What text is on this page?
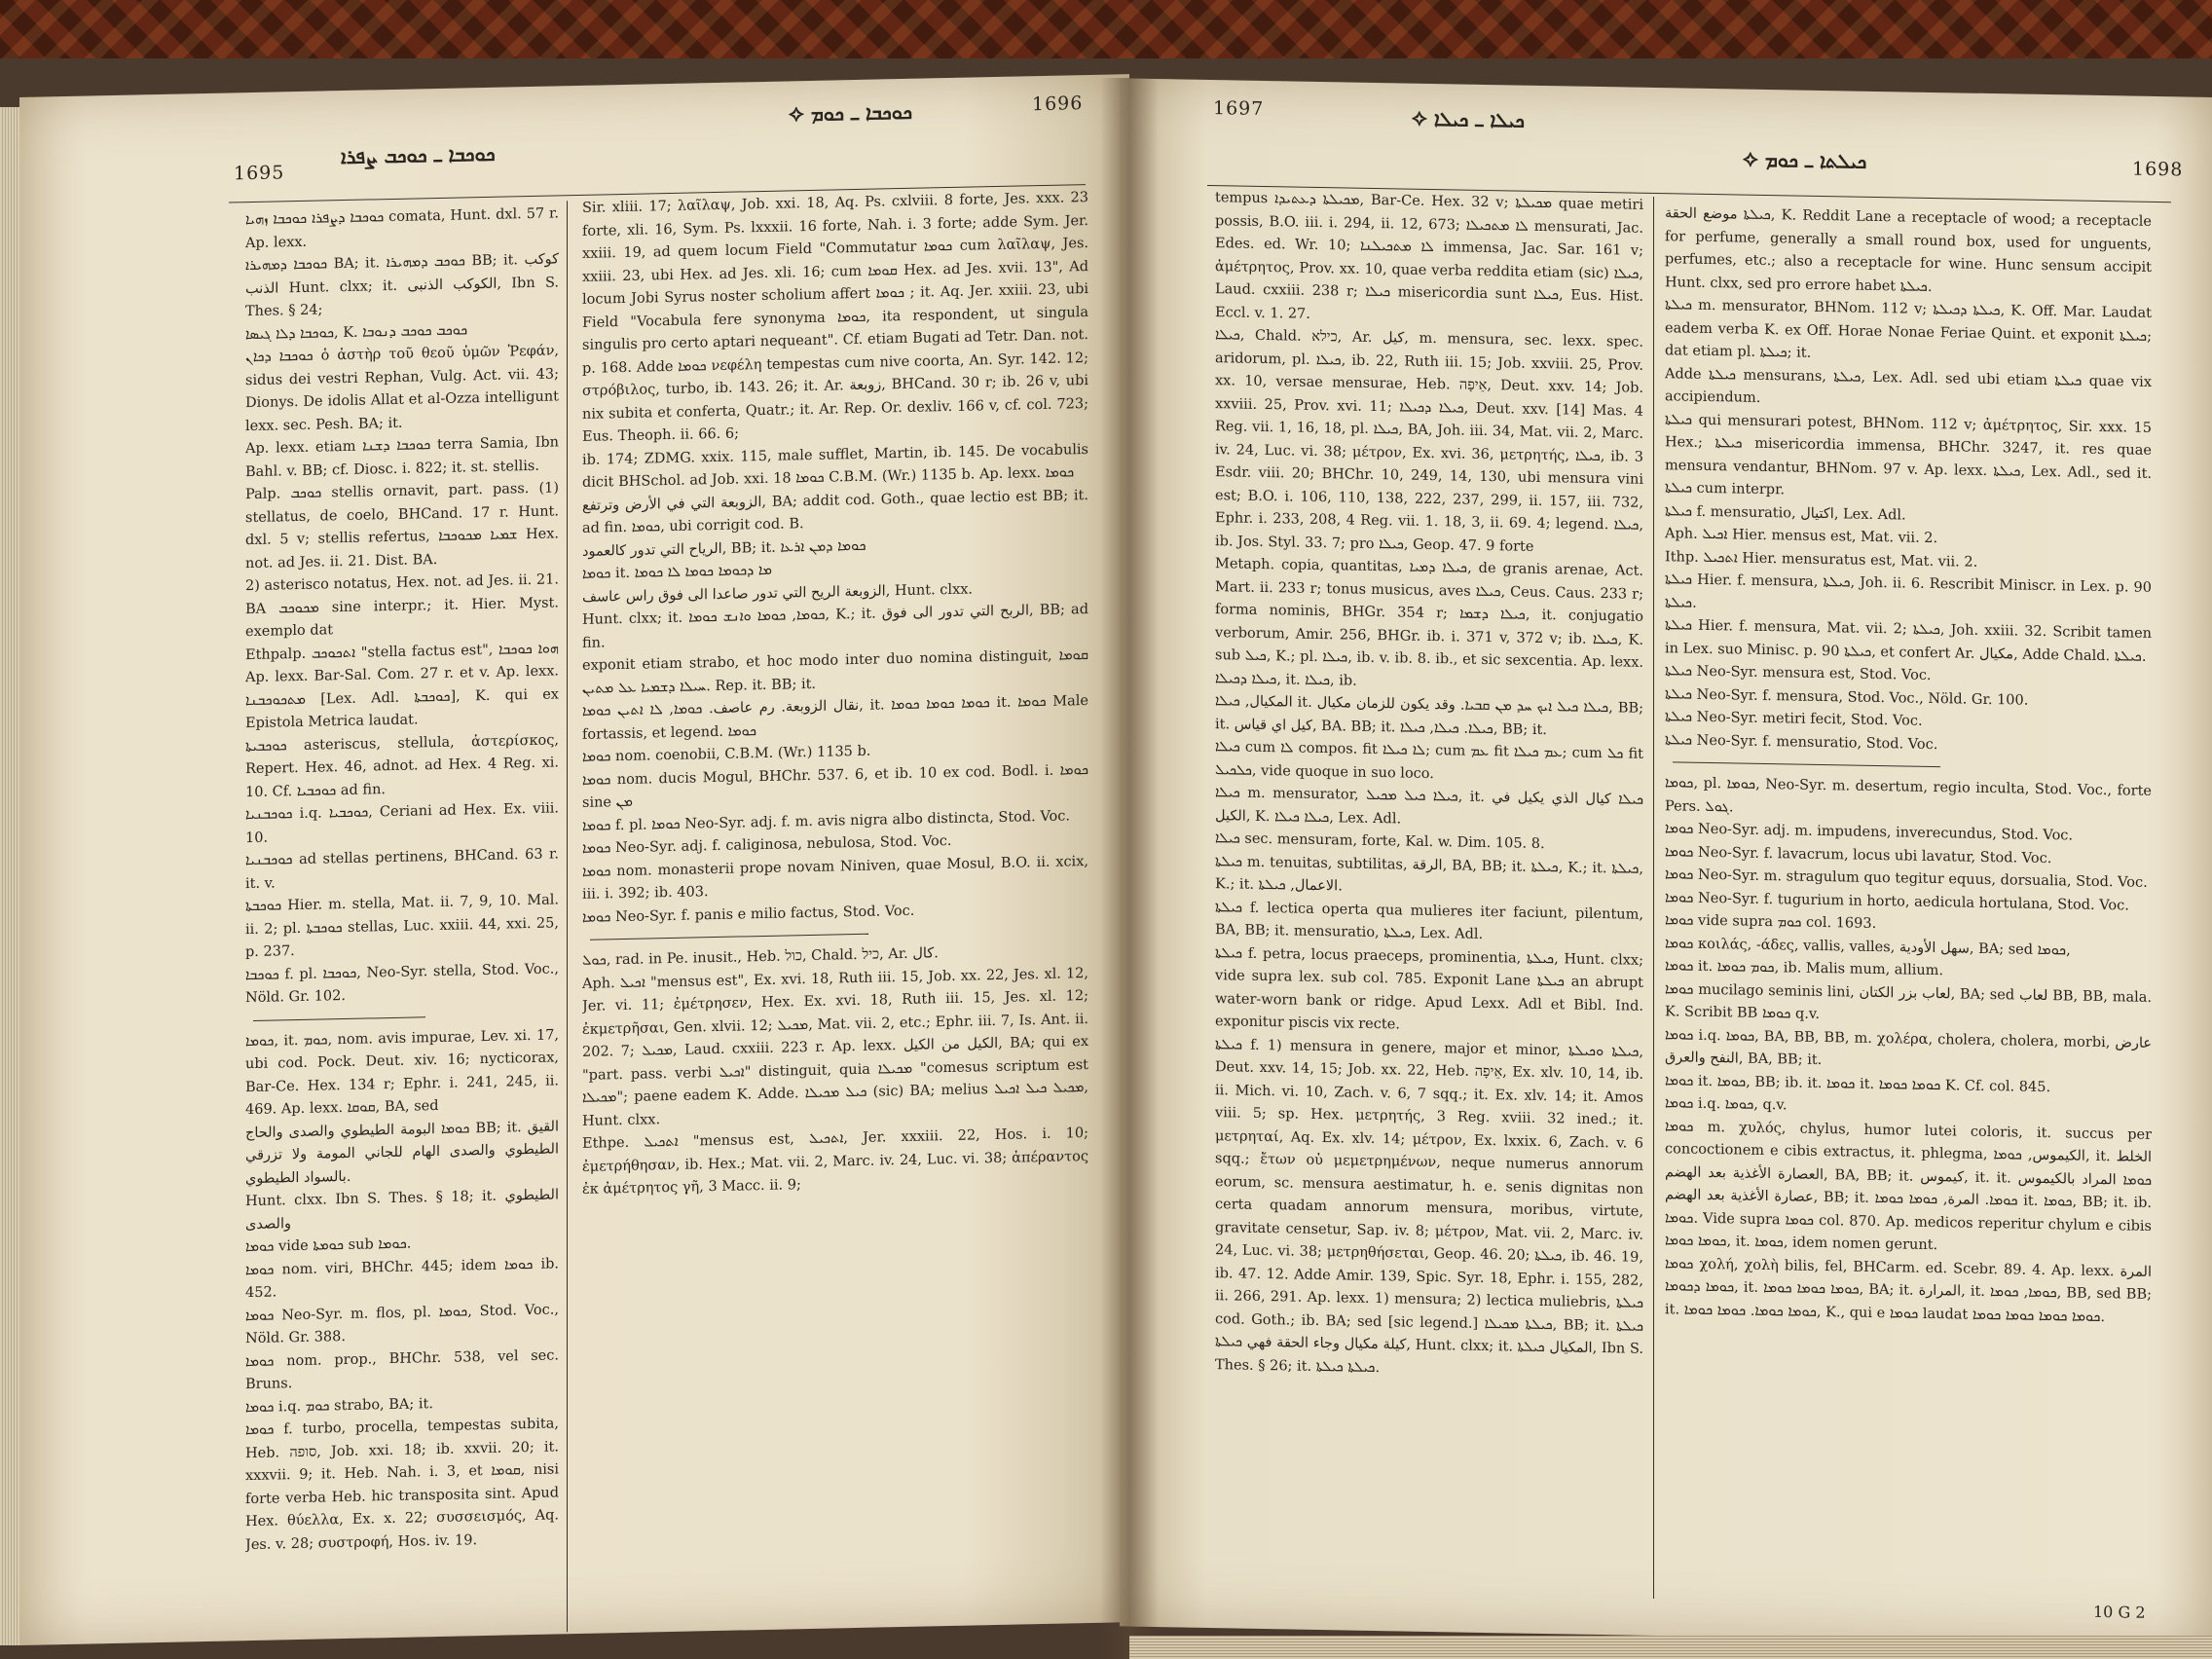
1695
ܟܘܟܒܐ ـ ܟܘܟܒ ܨܦܪܐ
ܟܘܟܒܐ ـ ܟܘܡ ✧	1696

ܟܘܟܒܐ ܕܨܦܪܐ ܟܘܟܒܐ ܙܗܝܐ comata, Hunt. dxl. 57 r. Ap. lexx.

ܟܘܟܒܐ ܕܡܗܝܪܐ BA; it. ܟܘܟܒ ܕܡܗܝܪܐ BB; it. كوكب الذنب Hunt. clxx; it. الكوكب الذنبى, Ibn S. Thes. § 24;

ܟܘܟܒܐ ܕܠܐ ܓܝܣܐ, K. ܟܘܟܒ ܟܘܟܒ ܕܢܘܒܐ

ܟܘܟܒܐ ܕܟܐܢ ὁ ἀστὴρ τοῦ θεοῦ ὑμῶν Ῥεφάν, sidus dei vestri Rephan, Vulg. Act. vii. 43; Dionys. De idolis Allat et al-Ozza intelligunt lexx. sec. Pesh. BA; it.

Ap. lexx. etiam ܟܘܟܒܐ ܕܫܢܐ terra Samia, Ibn Bahl. v. BB; cf. Diosc. i. 822; it. st. stellis.

Palp. ܟܘܟܒ stellis ornavit, part. pass. (1) stellatus, de coelo, BHCand. 17 r. Hunt. dxl. 5 v; stellis refertus, ܫܡܝܐ ܡܟܘܟܒܐ Hex. not. ad Jes. ii. 21. Dist. BA.

2) asterisco notatus, Hex. not. ad Jes. ii. 21. BA ܡܟܘܟܒ sine interpr.; it. Hier. Myst. exemplo dat

Ethpalp. ܐܬܟܘܟܒ "stella factus est", ܗܘܐ ܟܘܟܒܐ Ap. lexx. Bar-Sal. Com. 27 r. et v. Ap. lexx. ܡܬܟܘܟܒܢܐ [Lex. Adl. ܟܘܟܒܬܐ], K. qui ex Epistola Metrica laudat.

ܟܘܟܒܝܬܐ asteriscus, stellula, ἀστερίσκος, Repert. Hex. 46, adnot. ad Hex. 4 Reg. xi. 10. Cf. ܟܘܟܒܝܐ ad fin.

ܟܘܟܒܢܝܐ i.q. ܟܘܟܒܝܐ, Ceriani ad Hex. Ex. viii. 10.

ܟܘܟܒܢܝܐ ad stellas pertinens, BHCand. 63 r. it. v.

ܟܘܟܒܬܐ Hier. m. stella, Mat. ii. 7, 9, 10. Mal. ii. 2; pl. ܟܘܟܒܬܐ stellas, Luc. xxiii. 44, xxi. 25, p. 237.

ܟܘܟܒܐ f. pl. ܟܘܟܒܐ, Neo-Syr. stella, Stod. Voc., Nöld. Gr. 102.

ܟܘܡܐ, it. ܟܘܡ, nom. avis impurae, Lev. xi. 17, ubi cod. Pock. Deut. xiv. 16; nycticorax, Bar-Ce. Hex. 134 r; Ephr. i. 241, 245, ii. 469. Ap. lexx. ܩܘܩܐ, BA, sed

ܟܘܡܐ البومة الطيطوي والصدى والحاج BB; it. القيق الطيطوي والصدى الهام للجاني المومة ولا تزرقي بالسواد الطيطوي.

Hunt. clxx. Ibn S. Thes. § 18; it. الطيطوي والصدى

ܟܘܡܐ vide ܟܘܡܬܐ sub ܟܘܡܐ.

ܟܘܡܐ nom. viri, BHChr. 445; idem ܟܘܡܐ ib. 452.

ܟܘܡܐ Neo-Syr. m. flos, pl. ܟܘܡܐ, Stod. Voc., Nöld. Gr. 388.

ܟܘܡܐ nom. prop., BHChr. 538, vel sec. Bruns.

ܟܘܡܐ i.q. ܟܘܡ strabo, BA; it.

ܟܘܡܐ f. turbo, procella, tempestas subita, Heb. סופה, Job. xxi. 18; ib. xxvii. 20; it. xxxvii. 9; it. Heb. Nah. i. 3, et ܩܘܡܐ, nisi forte verba Heb. hic transposita sint. Apud Hex. θύελλα, Ex. x. 22; συσσεισμός, Aq. Jes. v. 28; συστροφή, Hos. iv. 19.

Sir. xliii. 17; λαῖλαψ, Job. xxi. 18, Aq. Ps. cxlviii. 8 forte, Jes. xxx. 23 forte, xli. 16, Sym. Ps. lxxxii. 16 forte, Nah. i. 3 forte; adde Sym. Jer. xxiii. 19, ad quem locum Field "Commutatur ܟܘܡܐ cum λαῖλαψ, Jes. xxiii. 23, ubi Hex. ad Jes. xli. 16; cum ܩܘܡܐ Hex. ad Jes. xvii. 13", Ad locum Jobi Syrus noster scholium affert ܟܘܡܐ ; it. Aq. Jer. xxiii. 23, ubi Field "Vocabula fere synonyma ܟܘܡܐ, ita respondent, ut singula singulis pro certo aptari nequeant". Cf. etiam Bugati ad Tetr. Dan. not. p. 168. Adde ܟܘܡܐ νεφέλη tempestas cum nive coorta, An. Syr. 142. 12; στρόβιλος, turbo, ib. 143. 26; it. Ar. زوبعة, BHCand. 30 r; ib. 26 v, ubi nix subita et conferta, Quatr.; it. Ar. Rep. Or. dexliv. 166 v, cf. col. 723; Eus. Theoph. ii. 66. 6;

ib. 174; ZDMG. xxix. 115, male sufflet, Martin, ib. 145. De vocabulis dicit BHSchol. ad Job. xxi. 18 ܟܘܡܐ C.B.M. (Wr.) 1135 b. Ap. lexx. ܟܘܡܐ

الزوبعة التي في الأرض وترتفع, BA; addit cod. Goth., quae lectio est BB; it. ad fin. ܟܘܡܐ, ubi corrigit cod. B.

الرياح التي تدور كالعمود, BB; it. ܟܘܡܐ ܕܡܢ ܐܪܥܐ

ܟܘܡܐ it. ܡܐ ܕܟܘܡܐ ܟܘܡܐ ܠܐ ܟܘܡܐ

الزوبعة الريح التي تدور صاعدا الى فوق راس عاسف, Hunt. clxx.

Hunt. clxx; it. ܟܘܡܐ, ܟܘܡܐ ܘܐܢܫ ܟܘܡܐ, K.; it. الربح التي تدور الى فوق, BB; ad fin.

exponit etiam strabo, et hoc modo inter duo nomina distinguit, ܩܘܡܐ ܚܝܠܐ ܕܫܡܝܐ ܥܠ ܡܬܝܢ. Rep. it. BB; it.

نقال الزوبعة. رم عاصف. ܟܘܡܐ, ܠܐ ܐܬܝܢ ܟܘܡܐ, it. ܟܘܡܐ ܟܘܡܐ ܟܘܡܐ it. ܟܘܡܐ Male fortassis, et legend. ܟܘܡܐ

ܟܘܡܐ nom. coenobii, C.B.M. (Wr.) 1135 b.

ܟܘܡܐ nom. ducis Mogul, BHChr. 537. 6, et ib. 10 ex cod. Bodl. i. ܟܘܡܐ sine ܡܢ

ܟܘܡܐ f. pl. ܟܘܡܐ Neo-Syr. adj. f. m. avis nigra albo distincta, Stod. Voc.

ܟܘܡܐ Neo-Syr. adj. f. caliginosa, nebulosa, Stod. Voc.

ܟܘܡܐ nom. monasterii prope novam Niniven, quae Mosul, B.O. ii. xcix, iii. i. 392; ib. 403.

ܟܘܡܐ Neo-Syr. f. panis e milio factus, Stod. Voc.

ܟܘܠ, rad. in Pe. inusit., Heb. כול, Chald. כיל, Ar. كال.

Aph. ܐܟܝܠ "mensus est", Ex. xvi. 18, Ruth iii. 15, Job. xx. 22, Jes. xl. 12, Jer. vi. 11; ἐμέτρησεν, Hex. Ex. xvi. 18, Ruth iii. 15, Jes. xl. 12; ἐκμετρῆσαι, Gen. xlvii. 12; ܡܟܝܠ, Mat. vii. 2, etc.; Ephr. iii. 7, Is. Ant. ii. 202. 7; ܡܟܝܠ, Laud. cxxiii. 223 r. Ap. lexx. الكيل من الكيل, BA; qui ex "part. pass. verbi ܐܟܝܠ" distinguit, quia ܡܟܝܠܐ "comesus scriptum est ܡܟܝܠܐ"; paene eadem K. Adde. ܟܝܠ ܡܟܝܠܐ (sic) BA; melius ܡܟܝܠ ܟܝܠ ܐܟܝܠ, Hunt. clxx.

Ethpe. ܐܬܟܝܠ "mensus est, ܐܬܟܝܠ, Jer. xxxiii. 22, Hos. i. 10; ἐμετρήθησαν, ib. Hex.; Mat. vii. 2, Marc. iv. 24, Luc. vi. 38; ἀπέραντος ἐκ ἀμέτρητος γῆ, 3 Macc. ii. 9;

1697	ܟܝܠܐ ـ ܟܝܠܐ ✧
ܟܝܠܬܐ ـ ܟܘܡ ✧	1698

tempus ܡܟܝܠܬܐ ܕܥܬܝܕܐ, Bar-Ce. Hex. 32 v; ܡܟܝܠܬܐ quae metiri possis, B.O. iii. i. 294, ii. 12, 673; ܠܐ ܡܬܟܝܠܐ mensurati, Jac. Edes. ed. Wr. 10; ܠܐ ܡܬܟܝܠܢܐ immensa, Jac. Sar. 161 v; ἀμέτρητος, Prov. xx. 10, quae verba reddita etiam (sic) ܟܝܠܐ, Laud. cxxiii. 238 r; ܟܝܠܐ misericordia sunt ܟܝܠܐ, Eus. Hist. Eccl. v. 1. 27.

ܟܝܠܐ, Chald. כילא, Ar. كيل, m. mensura, sec. lexx. spec. aridorum, pl. ܟܝܠܐ, ib. 22, Ruth iii. 15; Job. xxviii. 25, Prov. xx. 10, versae mensurae, Heb. אֵיפָה, Deut. xxv. 14; Job. xxviii. 25, Prov. xvi. 11; ܟܝܠܐ ܕܟܝܠܐ, Deut. xxv. [14] Mas. 4 Reg. vii. 1, 16, 18, pl. ܟܝܠܐ, BA, Joh. iii. 34, Mat. vii. 2, Marc. iv. 24, Luc. vi. 38; μέτρον, Ex. xvi. 36, μετρητής, ܟܝܠܐ, ib. 3 Esdr. viii. 20; BHChr. 10, 249, 14, 130, ubi mensura vini est; B.O. i. 106, 110, 138, 222, 237, 299, ii. 157, iii. 732, Ephr. i. 233, 208, 4 Reg. vii. 1. 18, 3, ii. 69. 4; legend. ܟܝܠܐ, ib. Jos. Styl. 33. 7; pro ܟܝܠܐ, Geop. 47. 9 forte

Metaph. copia, quantitas, ܟܝܠܐ ܕܡܝܐ, de granis arenae, Act. Mart. ii. 233 r; tonus musicus, aves ܟܝܠܐ, Ceus. Caus. 233 r; forma nominis, BHGr. 354 r; ܟܝܠܐ ܕܫܡܐ, it. conjugatio verborum, Amir. 256, BHGr. ib. i. 371 v, 372 v; ib. ܟܝܠܐ, K. sub ܟܝܠ, K.; pl. ܟܝܠܐ, ib. v. ib. 8. ib., et sic sexcentia. Ap. lexx. ܟܝܠܐ ܕܟܝܠܐ, it. ܟܝܠܐ, ib.

المكيال, ܟܝܠܐ it. ܟܝܠܐ ܟܝܠ ܐܝܟ ܚܕ ܡܢ ܩܒܝܐ. وقد يكون للزمان مكيال, BB; it. كيل اي قياس, BA. BB; it. ܟܝܠܐ. ܟܝܠܐ, ܟܝܠܐ, BB; it.

ܟܝܠܐ cum ܠܐ compos. fit ܠܐ ܟܝܠܐ; cum ܥܡ fit ܥܡ ܟܝܠܐ; cum ܟܠ fit ܟܠܟܝܠ, vide quoque in suo loco.

ܟܝܠܐ m. mensurator, ܟܝܠܐ ܟܝܠ ܡܟܝܠ, it. ܟܝܠܐ كيال الذي يكيل في الكيل, K. ܟܝܠܐ ܟܝܠܐ, Lex. Adl.

ܟܝܠܐ sec. mensuram, forte, Kal. w. Dim. 105. 8.

ܟܝܠܬܐ m. tenuitas, subtilitas, الرقة, BA, BB; it. ܟܝܠܬܐ, K.; it. ܟܝܠܬܐ, K.; it. الاعمال, ܟܝܠܬܐ.

ܟܝܠܬܐ f. lectica operta qua mulieres iter faciunt, pilentum, BA, BB; it. mensuratio, ܟܝܠܬܐ, Lex. Adl.

ܟܝܠܬܐ f. petra, locus praeceps, prominentia, ܟܝܠܬܐ, Hunt. clxx; vide supra lex. sub col. 785. Exponit Lane ܟܝܠܬܐ an abrupt water-worn bank or ridge. Apud Lexx. Adl et Bibl. Ind. exponitur piscis vix recte.

ܟܝܠܬܐ f. 1) mensura in genere, major et minor, ܟܝܠܬܐ ܘܟܝܠܬܐ, Deut. xxv. 14, 15; Job. xx. 22, Heb. אֵיפָה, Ex. xlv. 10, 14, ib. ii. Mich. vi. 10, Zach. v. 6, 7 sqq.; it. Ex. xlv. 14; it. Amos viii. 5; sp. Hex. μετρητής, 3 Reg. xviii. 32 ined.; it. μετρηταί, Aq. Ex. xlv. 14; μέτρον, Ex. lxxix. 6, Zach. v. 6 sqq.; ἔτων οὐ μεμετρημένων, neque numerus annorum eorum, sc. mensura aestimatur, h. e. senis dignitas non certa quadam annorum mensura, moribus, virtute, gravitate censetur, Sap. iv. 8; μέτρον, Mat. vii. 2, Marc. iv. 24, Luc. vi. 38; μετρηθήσεται, Geop. 46. 20; ܟܝܠܬܐ, ib. 46. 19, ib. 47. 12. Adde Amir. 139, Spic. Syr. 18, Ephr. i. 155, 282, ii. 266, 291. Ap. lexx. 1) mensura; 2) lectica muliebris, ܟܝܠܬܐ cod. Goth.; ib. BA; sed [sic legend.] ܟܝܠܬܐ ܡܟܝܠܐ, BB; it. ܟܝܠܬܐ كيلة مكيال وجاء الحقة فهي ܟܝܠܬܐ, Hunt. clxx; it. المكيال ܟܝܠܬܐ, Ibn S. Thes. § 26; it. ܟܝܠܬܐ ܟܝܠܬܐ.

ܟܝܠܬܐ موضع الحقة, K. Reddit Lane a receptacle of wood; a receptacle for perfume, generally a small round box, used for unguents, perfumes, etc.; also a receptacle for wine. Hunc sensum accipit Hunt. clxx, sed pro errore habet ܟܝܠܬܐ.

ܟܝܠܬܐ m. mensurator, BHNom. 112 v; ܟܝܠܬܐ ܕܟܝܠܬܐ, K. Off. Mar. Laudat eadem verba K. ex Off. Horae Nonae Feriae Quint. et exponit ܟܝܠܬܐ; dat etiam pl. ܟܝܠܬܐ; it.

Adde ܟܝܠܬܐ mensurans, ܟܝܠܬܐ, Lex. Adl. sed ubi etiam ܟܝܠܬܐ quae vix accipiendum.

ܟܝܠܬܐ qui mensurari potest, BHNom. 112 v; ἀμέτρητος, Sir. xxx. 15 Hex.; ܟܝܠܬܐ misericordia immensa, BHChr. 3247, it. res quae mensura vendantur, BHNom. 97 v. Ap. lexx. ܟܝܠܬܐ, Lex. Adl., sed it. ܟܝܠܬܐ cum interpr.

ܟܝܠܬܐ f. mensuratio, اكتيال, Lex. Adl.

Aph. ܐܟܝܠ Hier. mensus est, Mat. vii. 2.

Ithp. ܐܬܟܝܠ Hier. mensuratus est, Mat. vii. 2.

ܟܝܠܬܐ Hier. f. mensura, ܟܝܠܬܐ, Joh. ii. 6. Rescribit Miniscr. in Lex. p. 90 ܟܝܠܬܐ.

ܟܝܠܬܐ Hier. f. mensura, Mat. vii. 2; ܟܝܠܬܐ, Joh. xxiii. 32. Scribit tamen in Lex. suo Minisc. p. 90 ܟܝܠܬܐ, et confert Ar. مكيال, Adde Chald. ܟܝܠܬܐ.

ܟܝܠܬܐ Neo-Syr. mensura est, Stod. Voc.

ܟܝܠܬܐ Neo-Syr. f. mensura, Stod. Voc., Nöld. Gr. 100.

ܟܝܠܬܐ Neo-Syr. metiri fecit, Stod. Voc.

ܟܝܠܬܐ Neo-Syr. f. mensuratio, Stod. Voc.

ܟܘܡܐ, pl. ܟܘܡܐ, Neo-Syr. m. desertum, regio inculta, Stod. Voc., forte Pers. ܓܘܠ.

ܟܘܡܐ Neo-Syr. adj. m. impudens, inverecundus, Stod. Voc.

ܟܘܡܐ Neo-Syr. f. lavacrum, locus ubi lavatur, Stod. Voc.

ܟܘܡܐ Neo-Syr. m. stragulum quo tegitur equus, dorsualia, Stod. Voc.

ܟܘܡܐ Neo-Syr. f. tugurium in horto, aedicula hortulana, Stod. Voc.

ܟܘܡܐ vide supra ܟܘܡ col. 1693.

ܟܘܡܐ κοιλάς, -άδες, vallis, valles, سهل الأودية, BA; sed ܟܘܡܐ,

ܟܘܡܐ it. ܟܘܡ ܟܘܡܐ, ib. Malis mum, allium.

ܟܘܡܐ mucilago seminis lini, لعاب بزر الكتان, BA; sed لعاب BB, BB, mala. K. Scribit BB ܟܘܡܐ q.v.

ܟܘܡܐ i.q. ܟܘܡܐ, BA, BB, BB, m. χολέρα, cholera, cholera, morbi, عارض النفح والعرق, BA, BB; it.

ܟܘܡܐ it. ܟܘܡܐ, BB; ib. it. ܟܘܡܐ it. ܟܘܡܐ ܟܘܡܐ K. Cf. col. 845.

ܟܘܡܐ i.q. ܟܘܡܐ, q.v.

ܟܘܡܐ m. χυλός, chylus, humor lutei coloris, it. succus per concoctionem e cibis extractus, it. phlegma, الكيموس, ܟܘܡܐ, it. الخلط العصارة الأغذية بعد الهضم, BA, BB; it. كيموس, it. it. ܟܘܡܐ المراد بالكيموس عصارة الأغذية بعد الهضم, BB; it. ܟܘܡܐ. المرة, ܟܘܡܐ ܟܘܡܐ it. ܟܘܡܐ, BB; it. ib. ܟܘܡܐ. Vide supra ܟܘܡܐ col. 870. Ap. medicos reperitur chylum e cibis ܟܘܡܐ ܟܘܡܐ, it. ܟܘܡܐ, idem nomen gerunt.

ܟܘܡܐ χολή, χολὴ bilis, fel, BHCarm. ed. Scebr. 89. 4. Ap. lexx. المرة ܟܘܡܐ ܕܟܘܡܐ, it. ܟܘܡܐ ܟܘܡܐ ܟܘܡܐ, BA; it. المرارة, it. ܟܘܡܐ, ܟܘܡܐ, BB, sed BB; it. ܟܘܡܐ ܟܘܡܐ. ܟܘܡܐ ܟܘܡܐ, K., qui e ܟܘܡܐ laudat ܟܘܡܐ ܟܘܡܐ ܟܘܡܐ ܟܘܡܐ.

10 G 2
